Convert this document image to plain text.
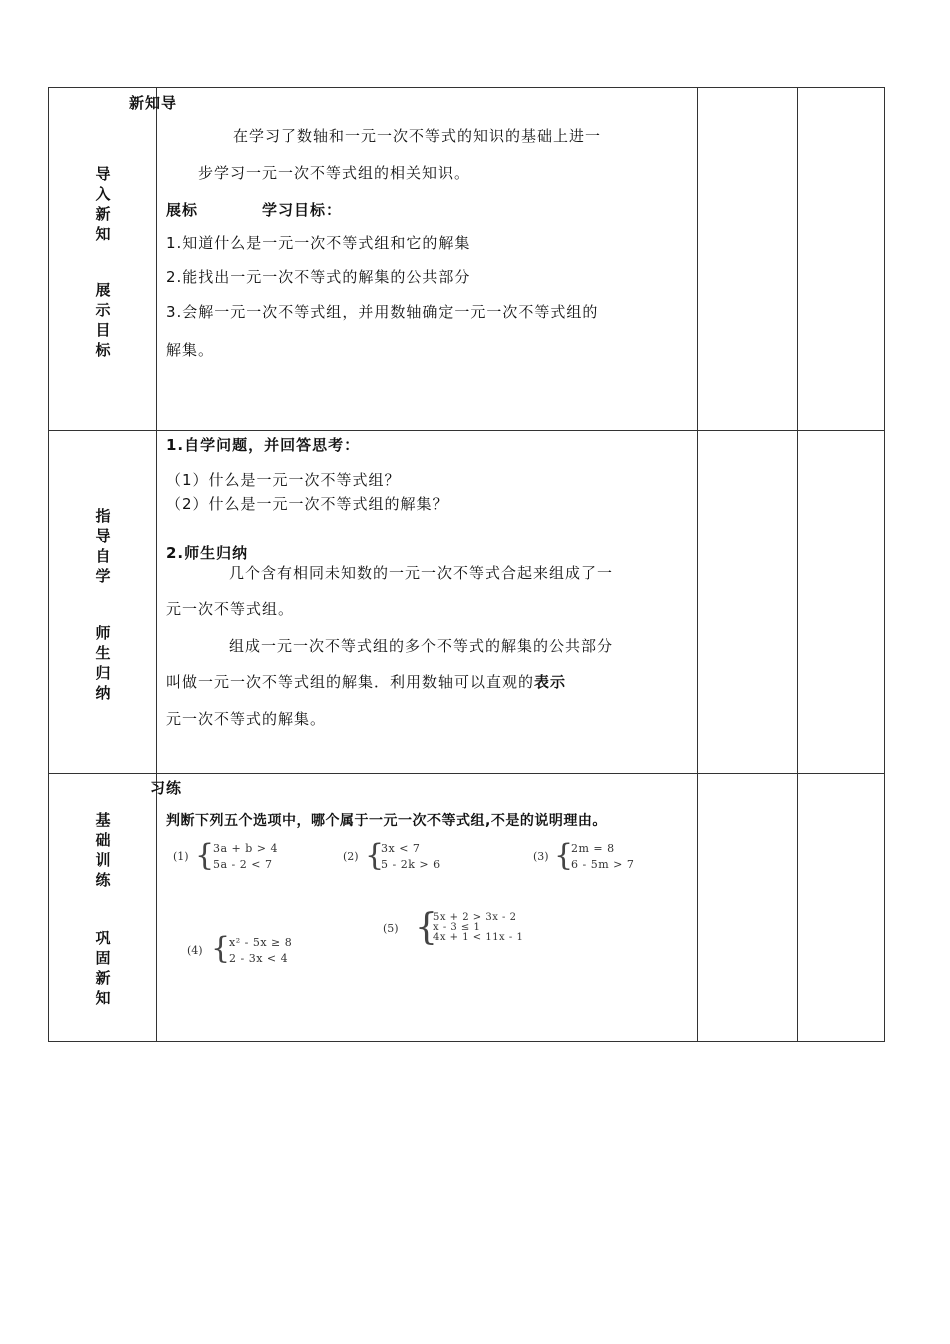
新知导
导
入
新
知
展
示
目
标
在学习了数轴和一元一次不等式的知识的基础上进一
步学习一元一次不等式组的相关知识。
展标	学习目标：
1.知道什么是一元一次不等式组和它的解集
2.能找出一元一次不等式的解集的公共部分
3.会解一元一次不等式组，并用数轴确定一元一次不等式组的
解集。
指
导
自
学
师
生
归
纳
1.自学问题，并回答思考：
（1）什么是一元一次不等式组？
（2）什么是一元一次不等式组的解集？
2.师生归纳
几个含有相同未知数的一元一次不等式合起来组成了一
元一次不等式组。
组成一元一次不等式组的多个不等式的解集的公共部分
叫做一元一次不等式组的解集．利用数轴可以直观的表示
元一次不等式的解集。
习练
基
础
训
练
巩
固
新
知
判断下列五个选项中，哪个属于一元一次不等式组,不是的说明理由。
(1) {
3a + b > 4
5a - 2 < 7
(2) {
3x < 7
5 - 2k > 6
(3) {
2m = 8
6 - 5m > 7
(4) {
x² - 5x ≥ 8
2 - 3x < 4
(5) {
5x + 2 > 3x - 2
x - 3 ≤ 1
4x + 1 < 11x - 1
